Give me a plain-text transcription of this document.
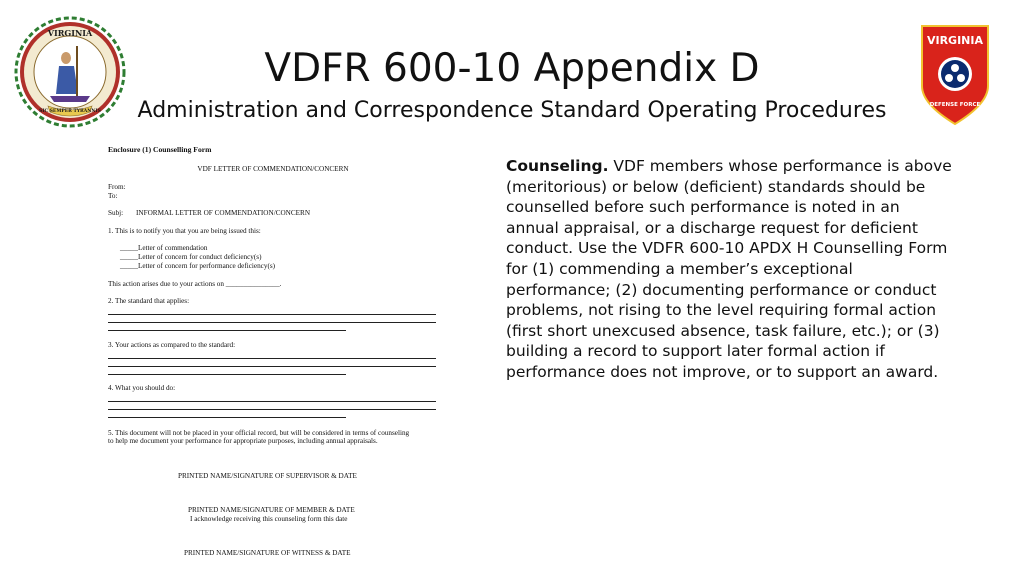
VIRGINIA
SIC SEMPER TYRANNIS
VIRGINIA
DEFENSE FORCE
VDFR 600-10 Appendix D
Administration and Correspondence Standard Operating Procedures
Enclosure (1) Counselling Form
VDF LETTER OF COMMENDATION/CONCERN
From:
To:
Subj: INFORMAL LETTER OF COMMENDATION/CONCERN
1. This is to notify you that you are being issued this:
_____Letter of commendation
_____Letter of concern for conduct deficiency(s)
_____Letter of concern for performance deficiency(s)
This action arises due to your actions on _______________.
2. The standard that applies:
3. Your actions as compared to the standard:
4. What you should do:
5. This document will not be placed in your official record, but will be considered in terms of counseling
to help me document your performance for appropriate purposes, including annual appraisals.
PRINTED NAME/SIGNATURE OF SUPERVISOR & DATE
PRINTED NAME/SIGNATURE OF MEMBER & DATE
I acknowledge receiving this counseling form this date
PRINTED NAME/SIGNATURE OF WITNESS & DATE
Counseling. VDF members whose performance is above (meritorious) or below (deficient) standards should be counselled before such performance is noted in an annual appraisal, or a discharge request for deficient conduct. Use the VDFR 600-10 APDX H Counselling Form for (1) commending a member’s exceptional performance; (2) documenting performance or conduct problems, not rising to the level requiring formal action (first short unexcused absence, task failure, etc.); or (3) building a record to support later formal action if performance does not improve, or to support an award.
